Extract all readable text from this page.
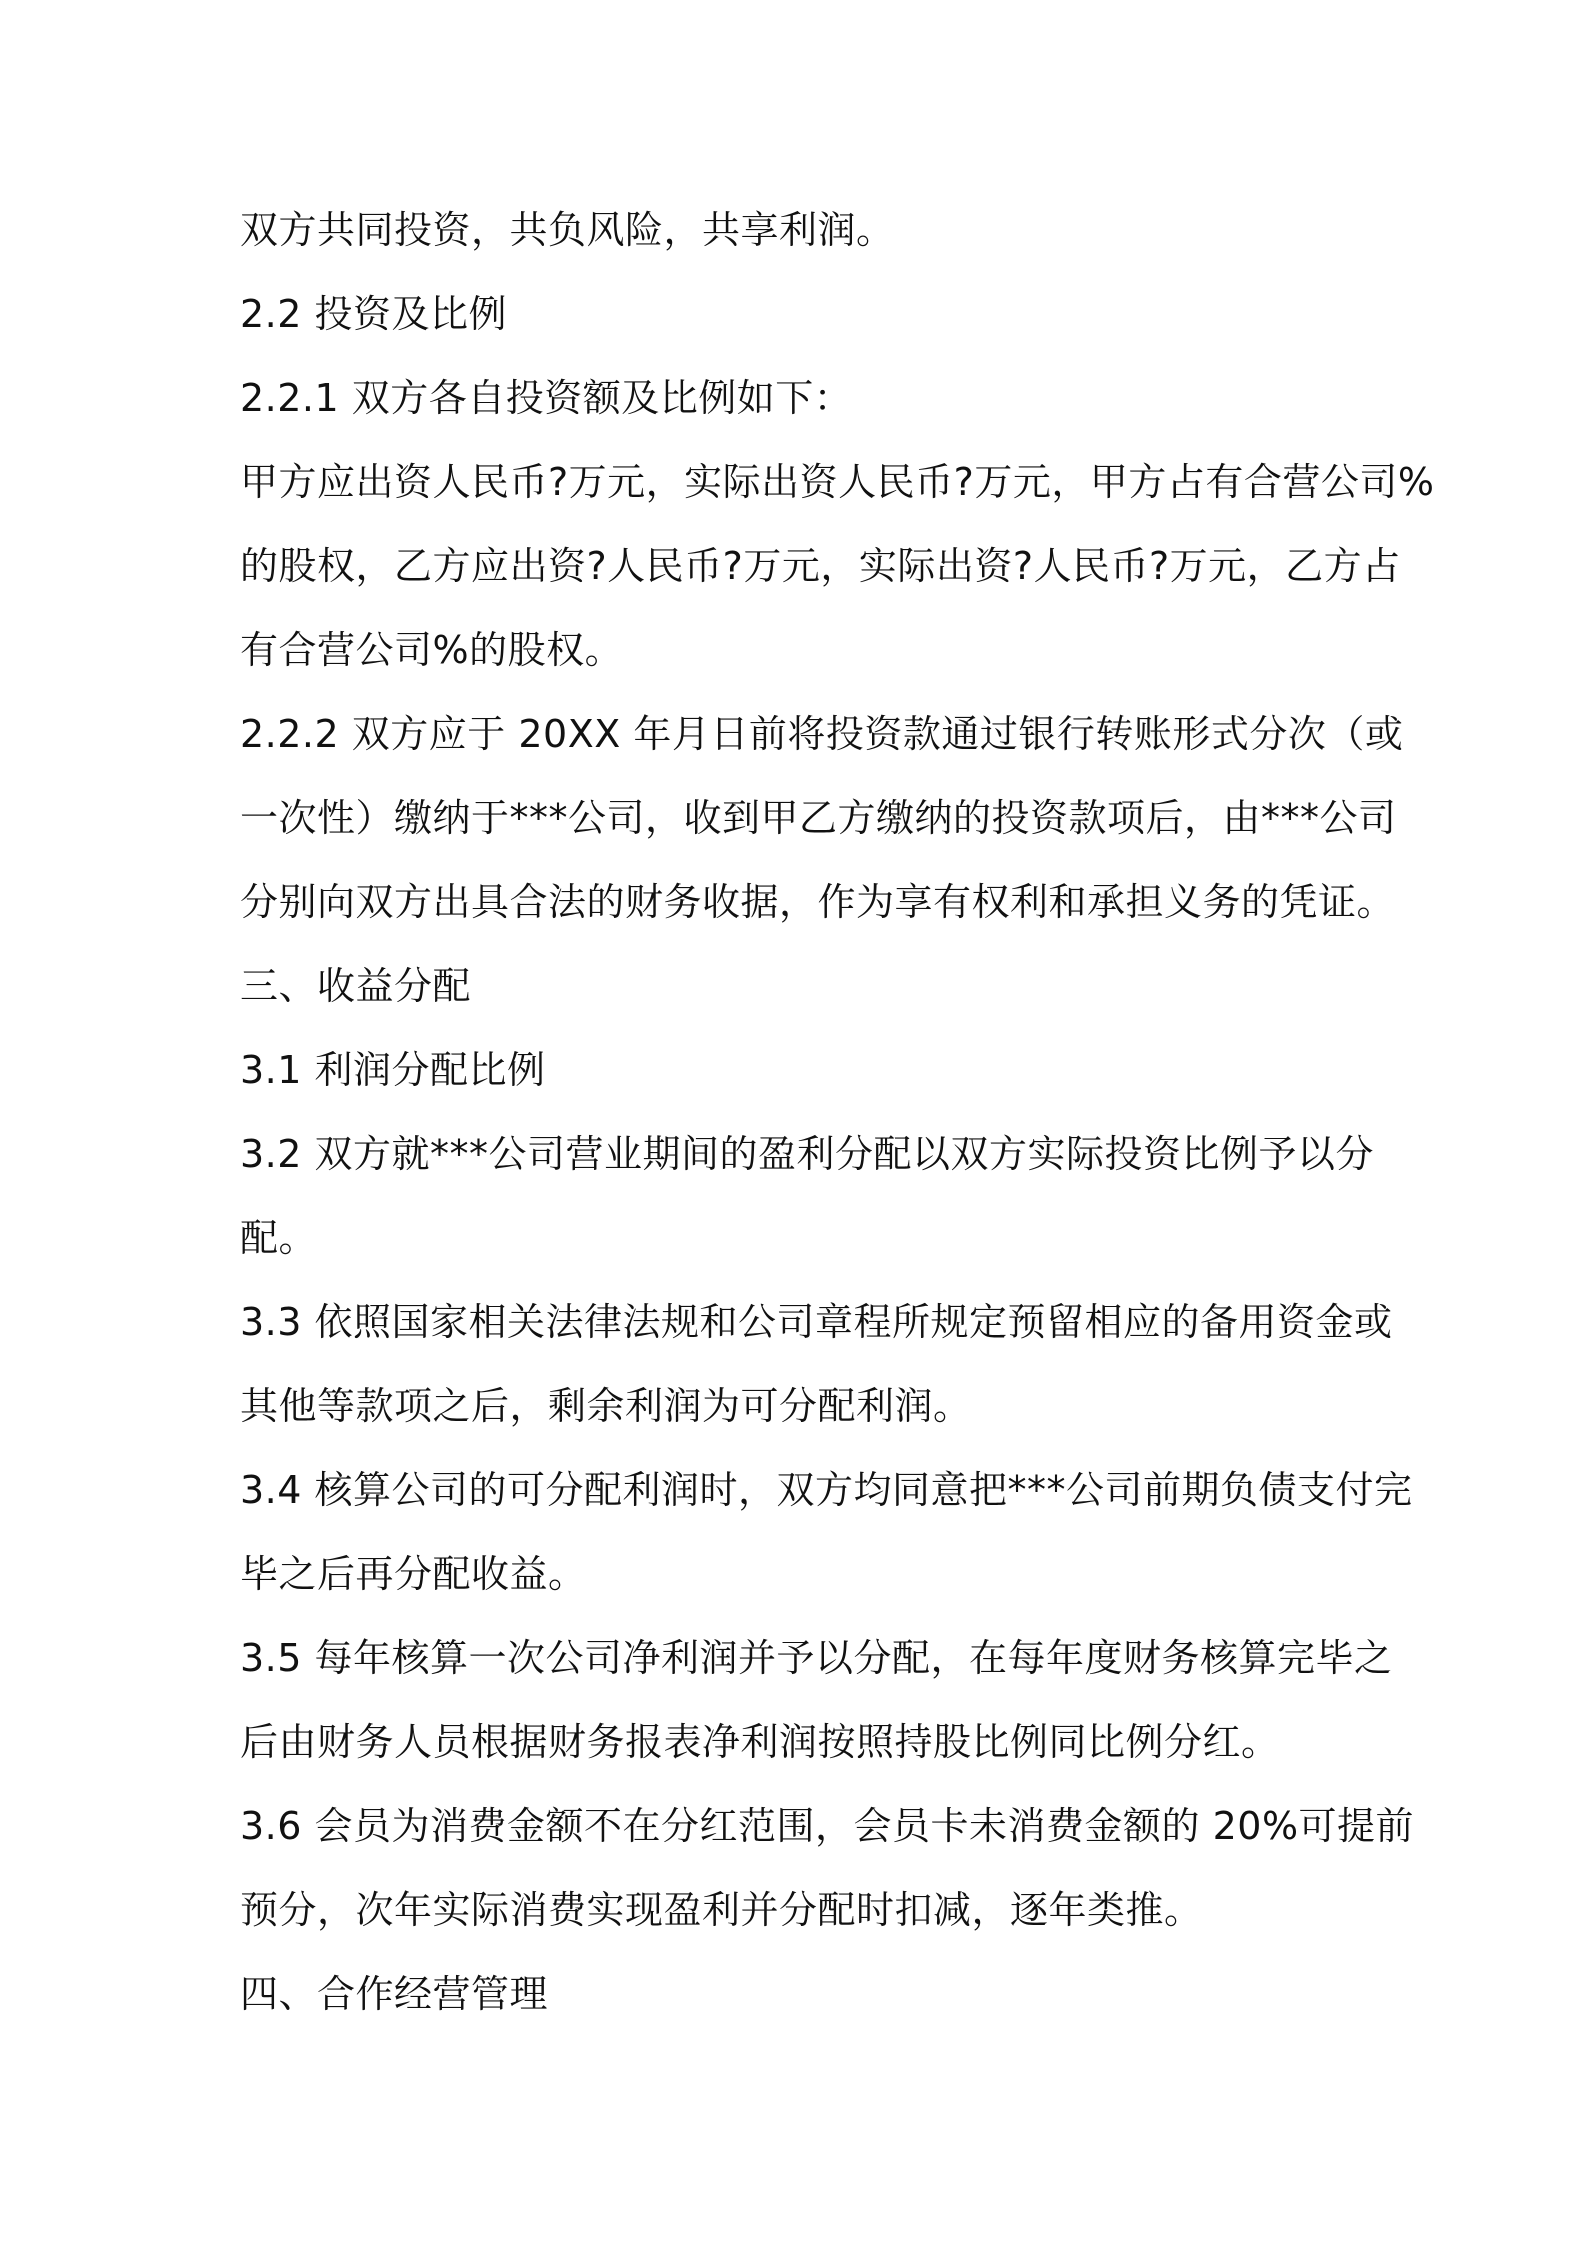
双方共同投资，共负风险，共享利润。

2.2 投资及比例

2.2.1 双方各自投资额及比例如下：

甲方应出资人民币?万元，实际出资人民币?万元，甲方占有合营公司%
的股权，乙方应出资?人民币?万元，实际出资?人民币?万元，乙方占
有合营公司%的股权。

2.2.2 双方应于 20XX 年月日前将投资款通过银行转账形式分次（或
一次性）缴纳于***公司，收到甲乙方缴纳的投资款项后，由***公司
分别向双方出具合法的财务收据，作为享有权利和承担义务的凭证。

三、收益分配

3.1 利润分配比例

3.2 双方就***公司营业期间的盈利分配以双方实际投资比例予以分
配。

3.3 依照国家相关法律法规和公司章程所规定预留相应的备用资金或
其他等款项之后，剩余利润为可分配利润。

3.4 核算公司的可分配利润时，双方均同意把***公司前期负债支付完
毕之后再分配收益。

3.5 每年核算一次公司净利润并予以分配，在每年度财务核算完毕之
后由财务人员根据财务报表净利润按照持股比例同比例分红。

3.6 会员为消费金额不在分红范围，会员卡未消费金额的 20%可提前
预分，次年实际消费实现盈利并分配时扣减，逐年类推。

四、合作经营管理
